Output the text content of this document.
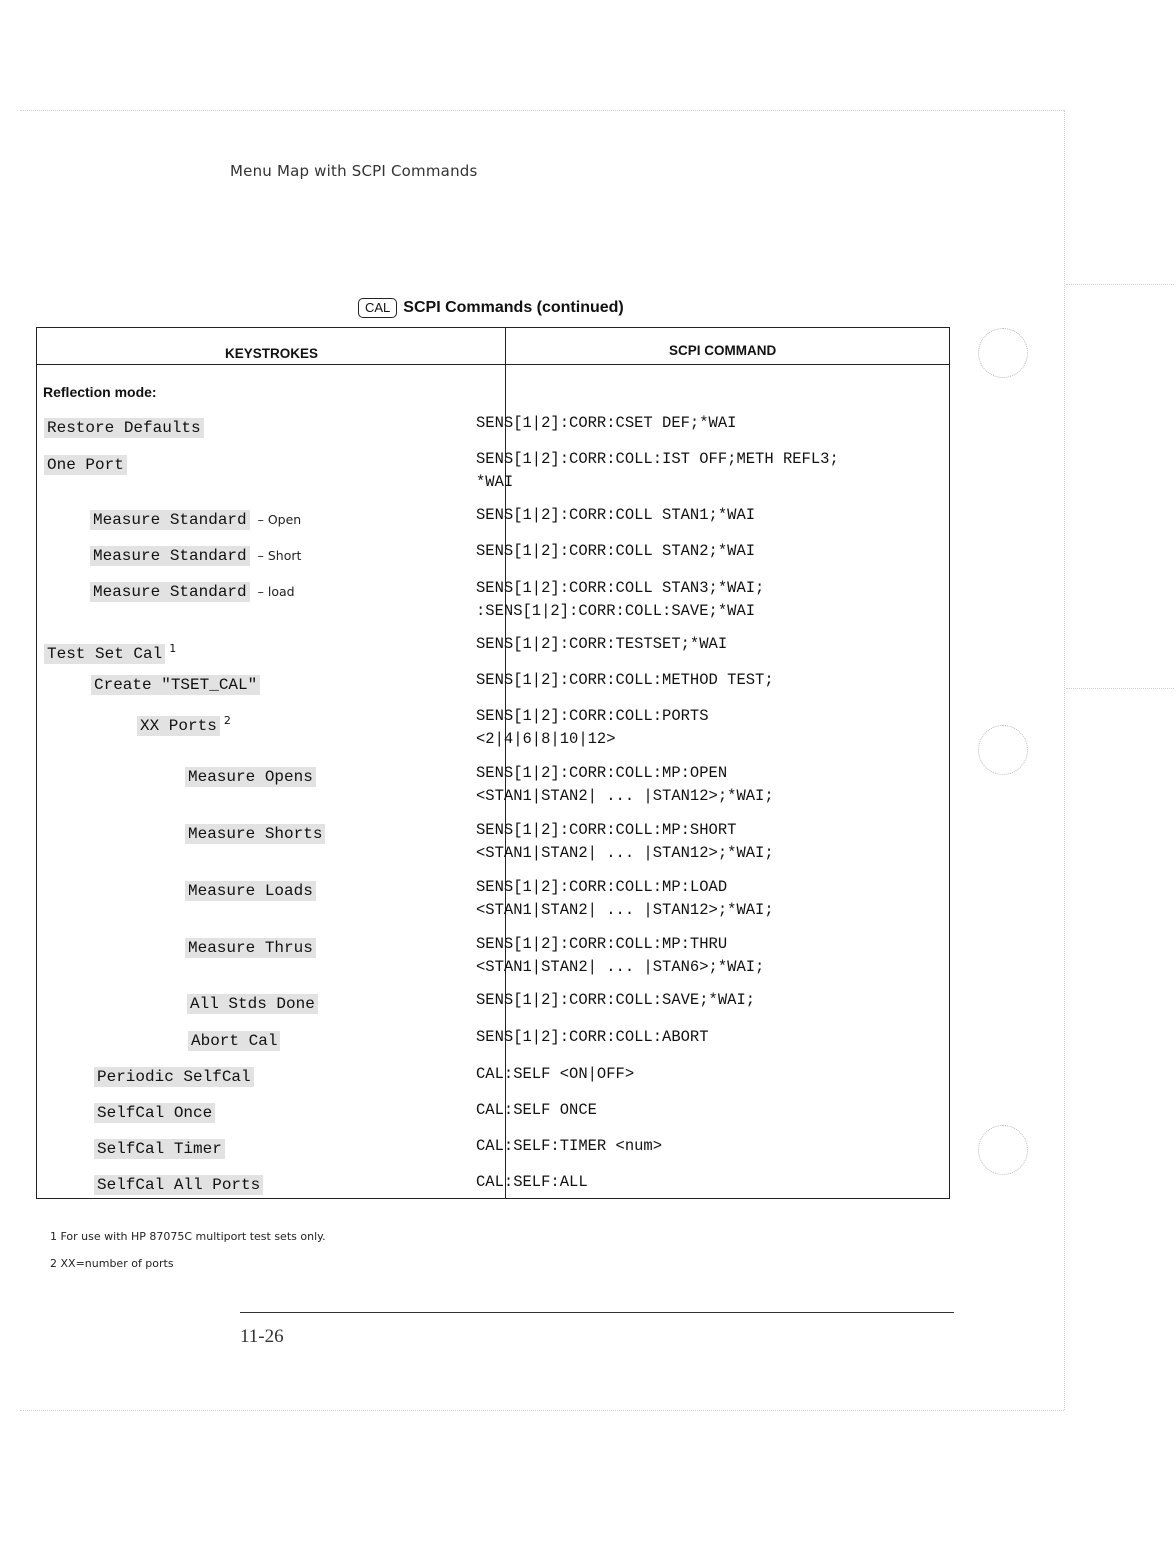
Menu Map with SCPI Commands
CAL SCPI Commands (continued)
KEYSTROKES	SCPI COMMAND
Reflection mode:
Restore Defaults	SENS[1|2]:CORR:CSET DEF;*WAI
One Port	SENS[1|2]:CORR:COLL:IST OFF;METH REFL3;
*WAI
Measure Standard – Open	SENS[1|2]:CORR:COLL STAN1;*WAI
Measure Standard – Short	SENS[1|2]:CORR:COLL STAN2;*WAI
Measure Standard – load	SENS[1|2]:CORR:COLL STAN3;*WAI;
:SENS[1|2]:CORR:COLL:SAVE;*WAI
Test Set Cal $^1$	SENS[1|2]:CORR:TESTSET;*WAI
Create "TSET_CAL"	SENS[1|2]:CORR:COLL:METHOD TEST;
XX Ports $^2$	SENS[1|2]:CORR:COLL:PORTS
<2|4|6|8|10|12>
Measure Opens	SENS[1|2]:CORR:COLL:MP:OPEN
<STAN1|STAN2| ... |STAN12>;*WAI;
Measure Shorts	SENS[1|2]:CORR:COLL:MP:SHORT
<STAN1|STAN2| ... |STAN12>;*WAI;
Measure Loads	SENS[1|2]:CORR:COLL:MP:LOAD
<STAN1|STAN2| ... |STAN12>;*WAI;
Measure Thrus	SENS[1|2]:CORR:COLL:MP:THRU
<STAN1|STAN2| ... |STAN6>;*WAI;
All Stds Done	SENS[1|2]:CORR:COLL:SAVE;*WAI;
Abort Cal	SENS[1|2]:CORR:COLL:ABORT
Periodic SelfCal	CAL:SELF <ON|OFF>
SelfCal Once	CAL:SELF ONCE
SelfCal Timer	CAL:SELF:TIMER <num>
SelfCal All Ports	CAL:SELF:ALL
1 For use with HP 87075C multiport test sets only.
2 XX=number of ports
11-26
